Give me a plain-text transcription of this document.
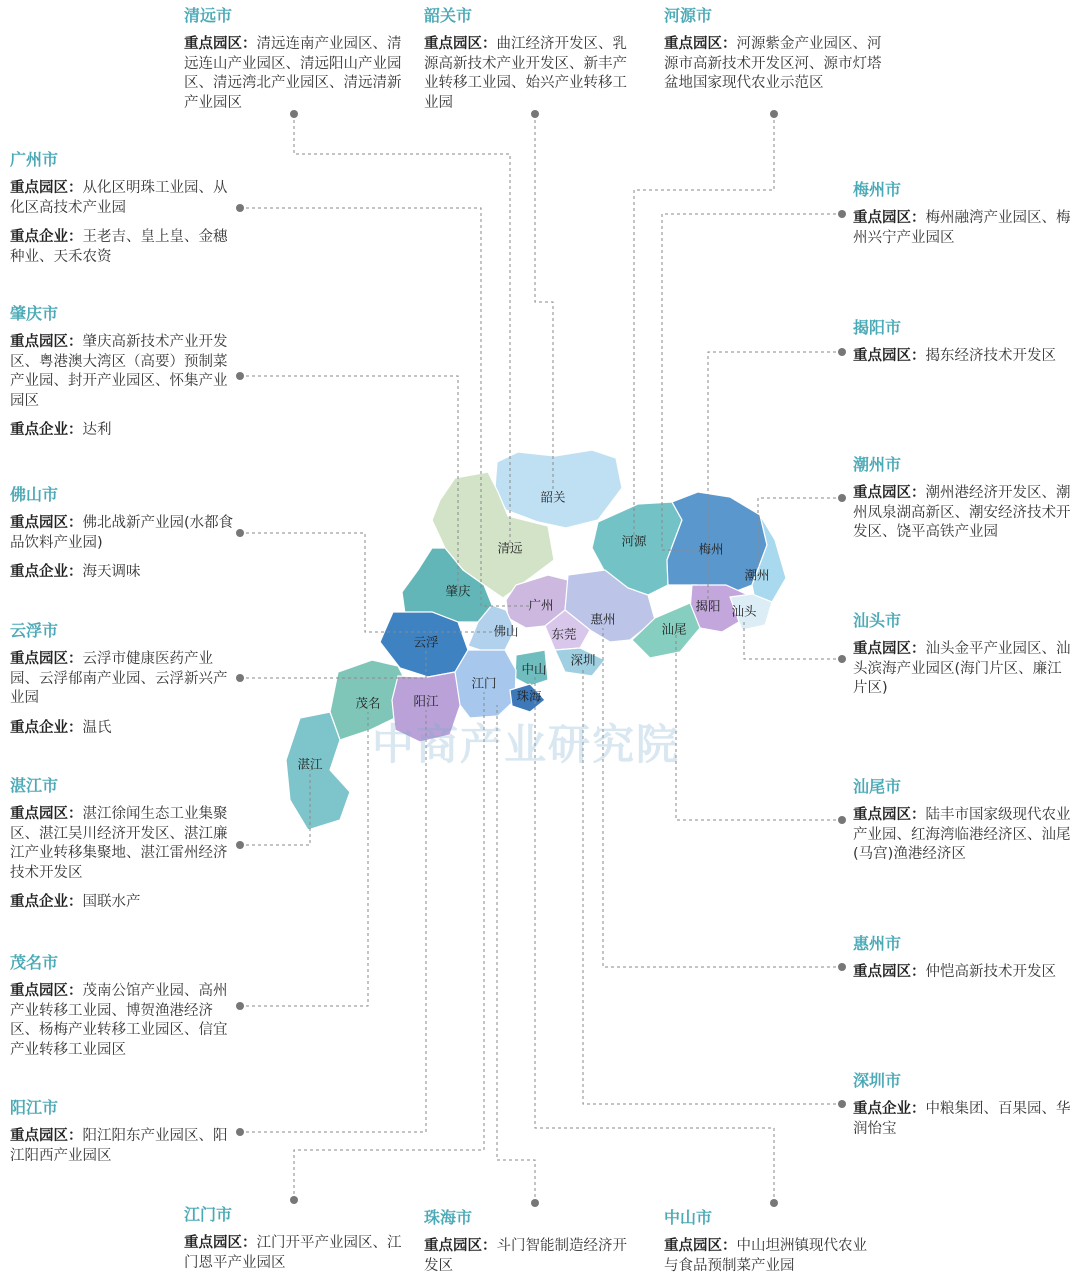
韶关
清远	河源
梅州
潮州
肇庆
广州
惠州
揭阳 汕头
云浮
佛山	东莞	汕尾
深圳
中山
茂名	阳江
江门
珠海
湛江 中商产业研究院
清远市
重点园区：清远连南产业园区、清远连山产业园区、清远阳山产业园区、清远湾北产业园区、清远清新产业园区
韶关市
重点园区：曲江经济开发区、乳源高新技术产业开发区、新丰产业转移工业园、始兴产业转移工业园
河源市
重点园区：河源紫金产业园区、河源市高新技术开发区河、源市灯塔盆地国家现代农业示范区
广州市
重点园区：从化区明珠工业园、从化区高技术产业园
重点企业：王老吉、皇上皇、金穗种业、天禾农资
肇庆市
重点园区：肇庆高新技术产业开发区、粤港澳大湾区（高要）预制菜产业园、封开产业园区、怀集产业园区
重点企业：达利
佛山市
重点园区：佛北战新产业园(水都食品饮料产业园)
重点企业：海天调味
云浮市
重点园区：云浮市健康医药产业园、云浮郁南产业园、云浮新兴产业园
重点企业：温氏
湛江市
重点园区：湛江徐闻生态工业集聚区、湛江吴川经济开发区、湛江廉江产业转移集聚地、湛江雷州经济技术开发区
重点企业：国联水产
茂名市
重点园区：茂南公馆产业园、高州产业转移工业园、博贺渔港经济区、杨梅产业转移工业园区、信宜产业转移工业园区
阳江市
重点园区：阳江阳东产业园区、阳江阳西产业园区
江门市
重点园区：江门开平产业园区、江门恩平产业园区
珠海市
重点园区：斗门智能制造经济开发区
中山市
重点园区：中山坦洲镇现代农业与食品预制菜产业园
梅州市
重点园区：梅州融湾产业园区、梅州兴宁产业园区
揭阳市
重点园区：揭东经济技术开发区
潮州市
重点园区：潮州港经济开发区、潮州凤泉湖高新区、潮安经济技术开发区、饶平高铁产业园
汕头市
重点园区：汕头金平产业园区、汕头滨海产业园区(海门片区、廉江片区)
汕尾市
重点园区：陆丰市国家级现代农业产业园、红海湾临港经济区、汕尾(马宫)渔港经济区
惠州市
重点园区：仲恺高新技术开发区
深圳市
重点企业：中粮集团、百果园、华润怡宝
